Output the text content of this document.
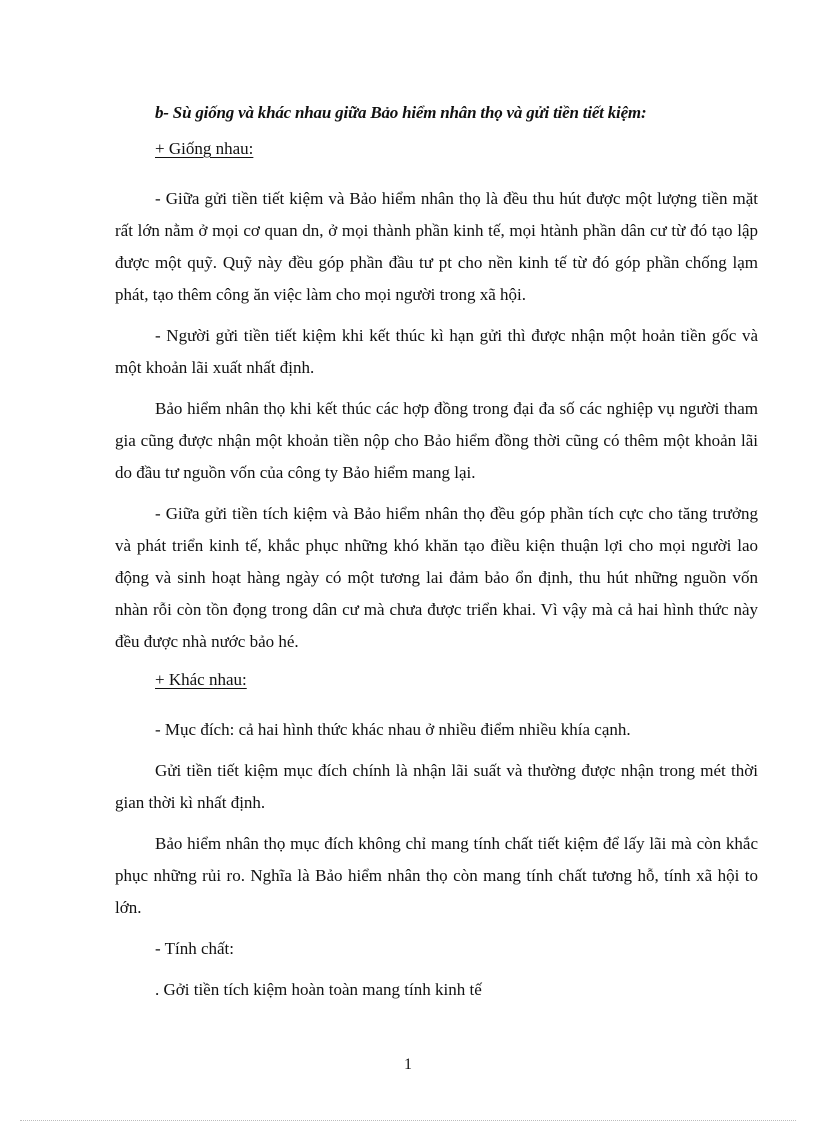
b- Sù giống và khác nhau giữa Bảo hiểm nhân thọ và gửi tiền tiết kiệm:
+ Giống nhau:

- Giữa gửi tiền tiết kiệm và Bảo hiểm nhân thọ là đều thu hút được một lượng tiền mặt rất lớn nằm ở mọi cơ quan dn, ở mọi thành phần kinh tế, mọi htành phần dân cư từ đó tạo lập được một quỹ. Quỹ này đều góp phần đầu tư pt cho nền kinh tế từ đó góp phần chống lạm phát, tạo thêm công ăn việc làm cho mọi người trong xã hội.

- Người gửi tiền tiết kiệm khi kết thúc kì hạn gửi thì được nhận một hoản tiền gốc và một khoản lãi xuất nhất định.

Bảo hiểm nhân thọ khi kết thúc các hợp đồng trong đại đa số các nghiệp vụ người tham gia cũng được nhận một khoản tiền nộp cho Bảo hiểm đồng thời cũng có thêm một khoản lãi do đầu tư nguồn vốn của công ty Bảo hiểm mang lại.

- Giữa gửi tiền tích kiệm và Bảo hiểm nhân thọ đều góp phần tích cực cho tăng trưởng và phát triển kinh tế, khắc phục những khó khăn tạo điều kiện thuận lợi cho mọi người lao động và sinh hoạt hàng ngày có một tương lai đảm bảo ổn định, thu hút những nguồn vốn nhàn rỗi còn tồn đọng trong dân cư mà chưa được triển khai. Vì vậy mà cả hai hình thức này đều được nhà nước bảo hé.

+ Khác nhau:

- Mục đích: cả hai hình thức khác nhau ở nhiều điểm nhiều khía cạnh.

Gửi tiền tiết kiệm mục đích chính là nhận lãi suất và thường được nhận trong mét thời gian thời kì nhất định.

Bảo hiểm nhân thọ mục đích không chỉ mang tính chất tiết kiệm để lấy lãi mà còn khắc phục những rủi ro. Nghĩa là Bảo hiểm nhân thọ còn mang tính chất tương hỗ, tính xã hội to lớn.

- Tính chất:

. Gởi tiền tích kiệm hoàn toàn mang tính kinh tế

1
